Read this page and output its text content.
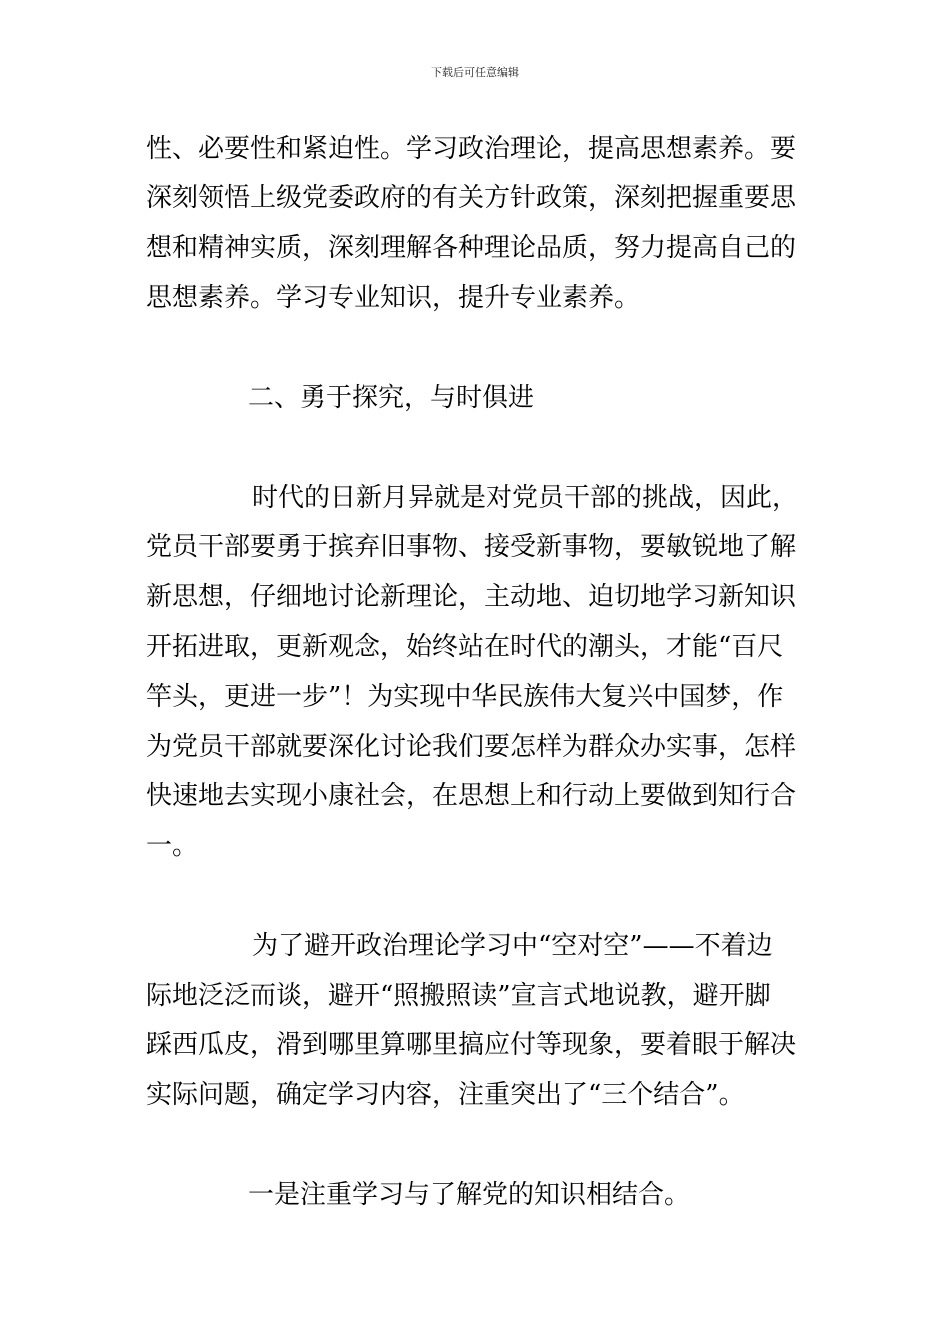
下载后可任意编辑
性、必要性和紧迫性。学习政治理论，提高思想素养。要
深刻领悟上级党委政府的有关方针政策，深刻把握重要思
想和精神实质，深刻理解各种理论品质，努力提高自己的
思想素养。学习专业知识，提升专业素养。
二、勇于探究，与时俱进
时代的日新月异就是对党员干部的挑战，因此，
党员干部要勇于摈弃旧事物、接受新事物，要敏锐地了解
新思想，仔细地讨论新理论，主动地、迫切地学习新知识
开拓进取，更新观念，始终站在时代的潮头，才能“百尺
竿头，更进一步”！为实现中华民族伟大复兴中国梦，作
为党员干部就要深化讨论我们要怎样为群众办实事，怎样
快速地去实现小康社会，在思想上和行动上要做到知行合
一。
为了避开政治理论学习中“空对空”——不着边
际地泛泛而谈，避开“照搬照读”宣言式地说教，避开脚
踩西瓜皮，滑到哪里算哪里搞应付等现象，要着眼于解决
实际问题，确定学习内容，注重突出了“三个结合”。
一是注重学习与了解党的知识相结合。
